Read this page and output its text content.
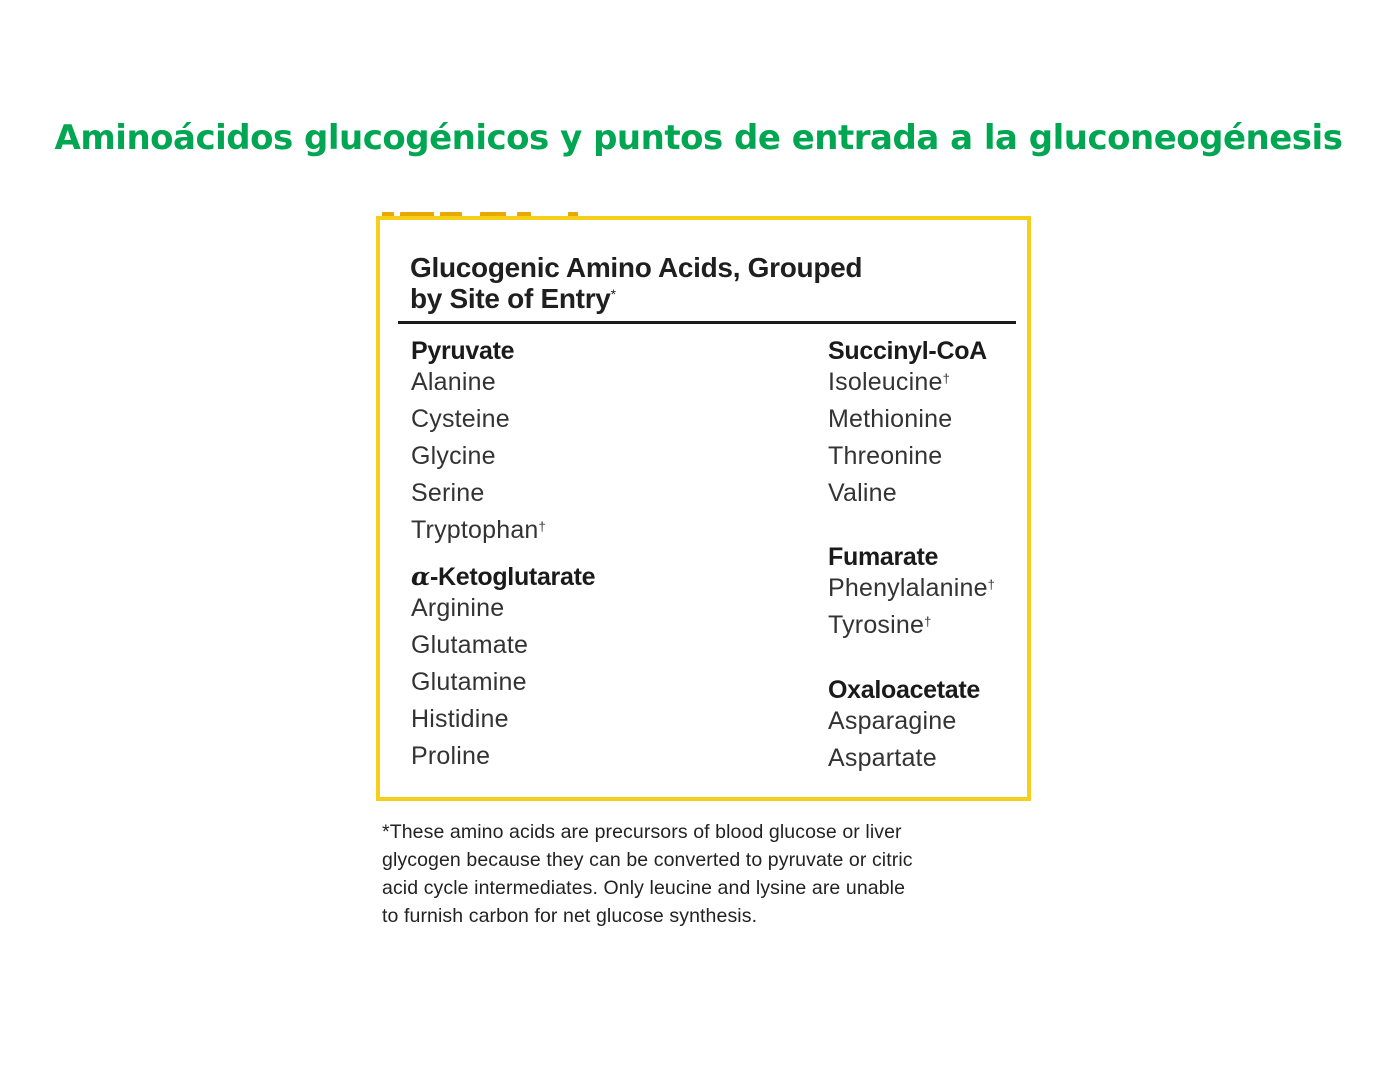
Aminoácidos glucogénicos y puntos de entrada a la gluconeogénesis
Glucogenic Amino Acids, Grouped
by Site of Entry*
Pyruvate
Alanine
Cysteine
Glycine
Serine
Tryptophan†
α-Ketoglutarate
Arginine
Glutamate
Glutamine
Histidine
Proline
Succinyl-CoA
Isoleucine†
Methionine
Threonine
Valine
Fumarate
Phenylalanine†
Tyrosine†
Oxaloacetate
Asparagine
Aspartate
*These amino acids are precursors of blood glucose or liver
glycogen because they can be converted to pyruvate or citric
acid cycle intermediates. Only leucine and lysine are unable
to furnish carbon for net glucose synthesis.
